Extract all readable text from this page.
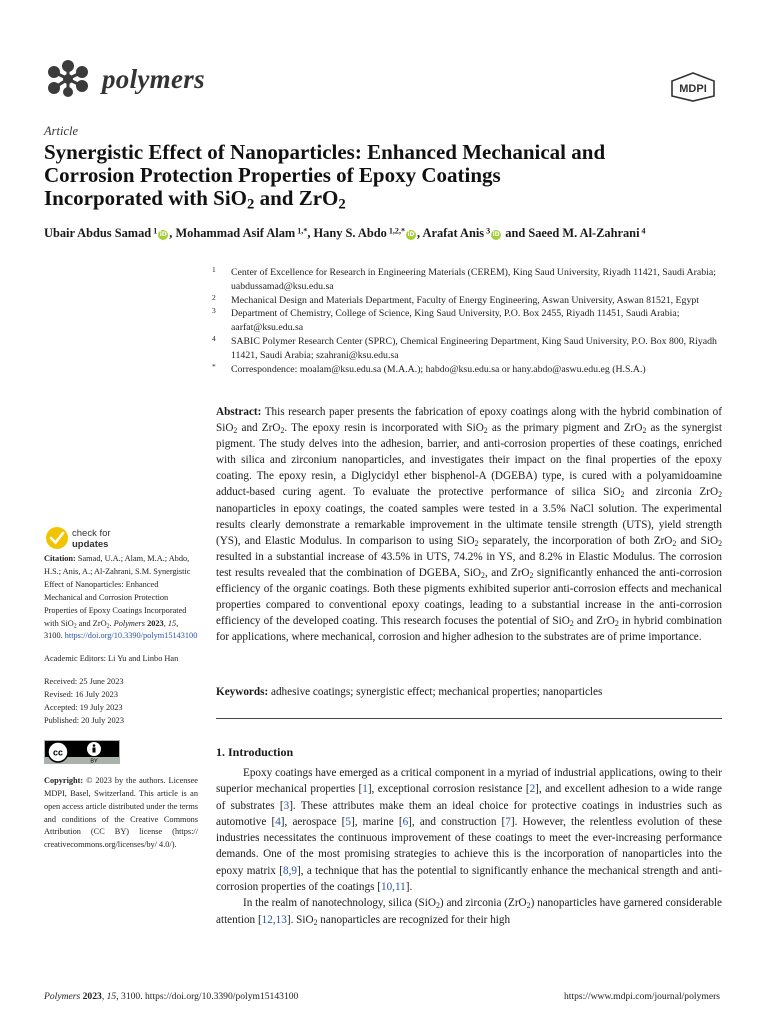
polymers	MDPI
Article
Synergistic Effect of Nanoparticles: Enhanced Mechanical and
Corrosion Protection Properties of Epoxy Coatings
Incorporated with SiO$_2$ and ZrO$_2$
Ubair Abdus Samad $^1$ iD , Mohammad Asif Alam $^{1,*}$, Hany S. Abdo $^{1,2,*}$ iD , Arafat Anis $^3$ iD and Saeed M. Al-Zahrani $^4$
1 Center of Excellence for Research in Engineering Materials (CEREM), King Saud University, Riyadh 11421, Saudi Arabia; uabdussamad@ksu.edu.sa
2 Mechanical Design and Materials Department, Faculty of Energy Engineering, Aswan University, Aswan 81521, Egypt
3 Department of Chemistry, College of Science, King Saud University, P.O. Box 2455, Riyadh 11451, Saudi Arabia; aarfat@ksu.edu.sa
4 SABIC Polymer Research Center (SPRC), Chemical Engineering Department, King Saud University, P.O. Box 800, Riyadh 11421, Saudi Arabia; szahrani@ksu.edu.sa
* Correspondence: moalam@ksu.edu.sa (M.A.A.); habdo@ksu.edu.sa or hany.abdo@aswu.edu.eg (H.S.A.)
Abstract: This research paper presents the fabrication of epoxy coatings along with the hybrid combination of SiO$_2$ and ZrO$_2$. The epoxy resin is incorporated with SiO$_2$ as the primary pigment and ZrO$_2$ as the synergist pigment. The study delves into the adhesion, barrier, and anti-corrosion properties of these coatings, enriched with silica and zirconium nanoparticles, and investigates their impact on the final properties of the epoxy coating. The epoxy resin, a Diglycidyl ether bisphenol-A (DGEBA) type, is cured with a polyamidoamine adduct-based curing agent. To evaluate the protective performance of silica SiO$_2$ and zirconia ZrO$_2$ nanoparticles in epoxy coatings, the coated samples were tested in a 3.5% NaCl solution. The experimental results clearly demonstrate a remarkable improvement in the ultimate tensile strength (UTS), yield strength (YS), and Elastic Modulus. In comparison to using SiO$_2$ separately, the incorporation of both ZrO$_2$ and SiO$_2$ resulted in a substantial increase of 43.5% in UTS, 74.2% in YS, and 8.2% in Elastic Modulus. The corrosion test results revealed that the combination of DGEBA, SiO$_2$, and ZrO$_2$ significantly enhanced the anti-corrosion efficiency of the organic coatings. Both these pigments exhibited superior anti-corrosion effects and mechanical properties compared to conventional epoxy coatings, leading to a substantial increase in the anti-corrosion efficiency of the developed coating. This research focuses the potential of SiO$_2$ and ZrO$_2$ in hybrid combination for applications, where mechanical, corrosion and higher adhesion to the substrates are of prime importance.
Keywords: adhesive coatings; synergistic effect; mechanical properties; nanoparticles
1. Introduction

Epoxy coatings have emerged as a critical component in a myriad of industrial applications, owing to their superior mechanical properties [1], exceptional corrosion resistance [2], and excellent adhesion to a wide range of substrates [3]. These attributes make them an ideal choice for protective coatings in industries such as automotive [4], aerospace [5], marine [6], and construction [7]. However, the relentless evolution of these industries necessitates the continuous improvement of these coatings to meet the ever-increasing performance demands. One of the most promising strategies to achieve this is the incorporation of nanoparticles into the epoxy matrix [8,9], a technique that has the potential to significantly enhance the mechanical strength and anti-corrosion properties of the coatings [10,11].

In the realm of nanotechnology, silica (SiO$_2$) and zirconia (ZrO$_2$) nanoparticles have garnered considerable attention [12,13]. SiO$_2$ nanoparticles are recognized for their high

check for
updates

Citation: Samad, U.A.; Alam, M.A.; Abdo, H.S.; Anis, A.; Al-Zahrani, S.M. Synergistic Effect of Nanoparticles: Enhanced Mechanical and Corrosion Protection Properties of Epoxy Coatings Incorporated with SiO$_2$ and ZrO$_2$. Polymers 2023, 15, 3100. https://doi.org/10.3390/polym15143100

Academic Editors: Li Yu and Linbo Han

Received: 25 June 2023
Revised: 16 July 2023
Accepted: 19 July 2023
Published: 20 July 2023
cc
BY

Copyright: © 2023 by the authors. Licensee MDPI, Basel, Switzerland. This article is an open access article distributed under the terms and conditions of the Creative Commons Attribution (CC BY) license (https:// creativecommons.org/licenses/by/ 4.0/).

Polymers 2023, 15, 3100. https://doi.org/10.3390/polym15143100	https://www.mdpi.com/journal/polymers
